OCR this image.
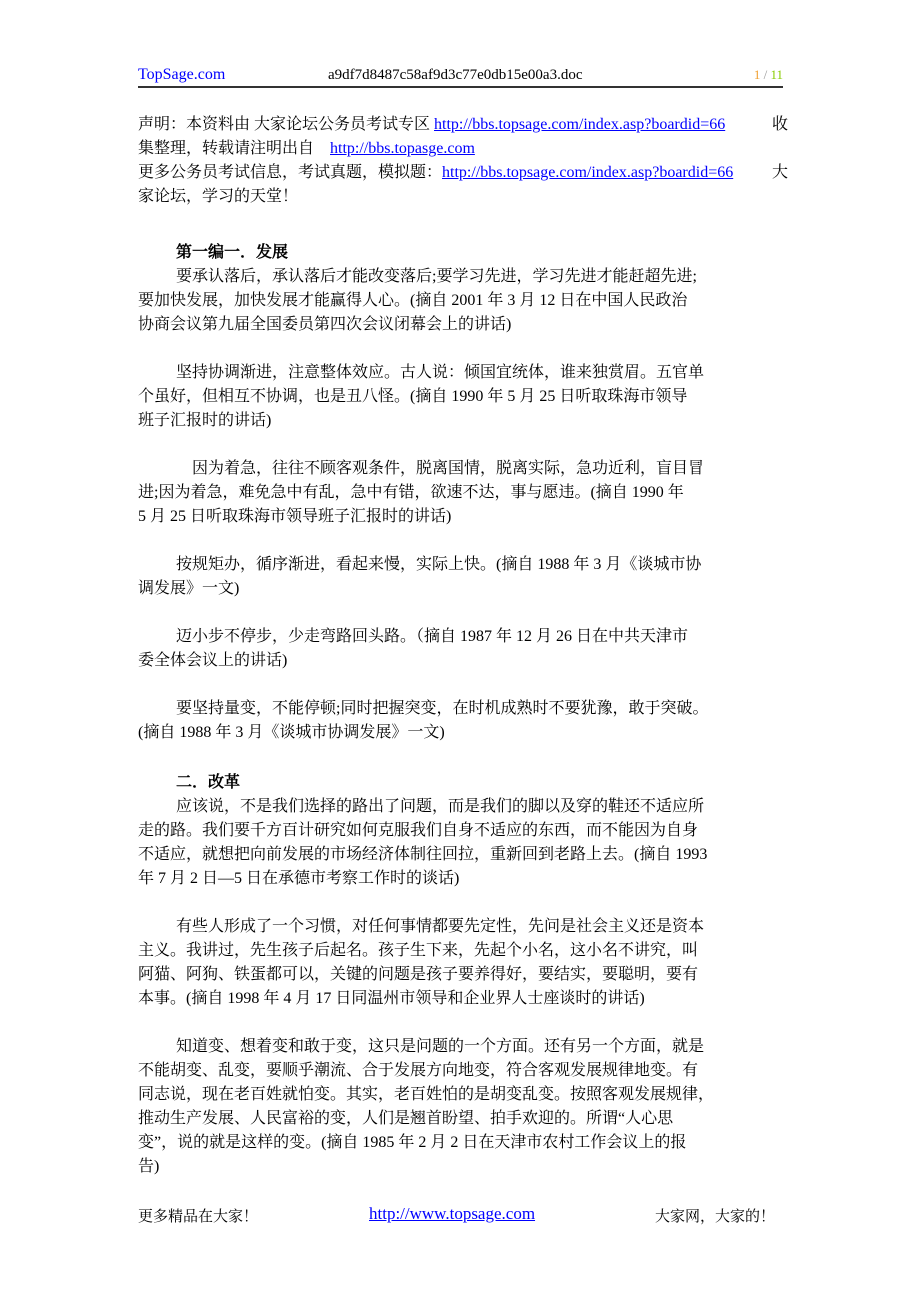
TopSage.com	a9df7d8487c58af9d3c77e0db15e00a3.doc	1 / 11
声明：本资料由 大家论坛公务员考试专区 http://bbs.topsage.com/index.asp?boardid=66	收
集整理，转载请注明出自　http://bbs.topasge.com
更多公务员考试信息，考试真题，模拟题：http://bbs.topsage.com/index.asp?boardid=66 大
家论坛，学习的天堂！
第一编一．发展
要承认落后，承认落后才能改变落后;要学习先进，学习先进才能赶超先进;
要加快发展，加快发展才能赢得人心。(摘自 2001 年 3 月 12 日在中国人民政治
协商会议第九届全国委员第四次会议闭幕会上的讲话)
坚持协调渐进，注意整体效应。古人说：倾国宜统体，谁来独赏眉。五官单
个虽好，但相互不协调，也是丑八怪。(摘自 1990 年 5 月 25 日听取珠海市领导
班子汇报时的讲话)
　因为着急，往往不顾客观条件，脱离国情，脱离实际，急功近利，盲目冒
进;因为着急，难免急中有乱，急中有错，欲速不达，事与愿违。(摘自 1990 年
5 月 25 日听取珠海市领导班子汇报时的讲话)
按规矩办，循序渐进，看起来慢，实际上快。(摘自 1988 年 3 月《谈城市协
调发展》一文)
迈小步不停步，少走弯路回头路。（摘自 1987 年 12 月 26 日在中共天津市
委全体会议上的讲话)
要坚持量变，不能停顿;同时把握突变，在时机成熟时不要犹豫，敢于突破。
(摘自 1988 年 3 月《谈城市协调发展》一文)
二．改革
应该说，不是我们选择的路出了问题，而是我们的脚以及穿的鞋还不适应所
走的路。我们要千方百计研究如何克服我们自身不适应的东西，而不能因为自身
不适应，就想把向前发展的市场经济体制往回拉，重新回到老路上去。(摘自 1993
年 7 月 2 日—5 日在承德市考察工作时的谈话)
有些人形成了一个习惯，对任何事情都要先定性，先问是社会主义还是资本
主义。我讲过，先生孩子后起名。孩子生下来，先起个小名，这小名不讲究，叫
阿猫、阿狗、铁蛋都可以，关键的问题是孩子要养得好，要结实，要聪明，要有
本事。(摘自 1998 年 4 月 17 日同温州市领导和企业界人士座谈时的讲话)
知道变、想着变和敢于变，这只是问题的一个方面。还有另一个方面，就是
不能胡变、乱变，要顺乎潮流、合于发展方向地变，符合客观发展规律地变。有
同志说，现在老百姓就怕变。其实，老百姓怕的是胡变乱变。按照客观发展规律，
推动生产发展、人民富裕的变，人们是翘首盼望、拍手欢迎的。所谓“人心思
变”，说的就是这样的变。(摘自 1985 年 2 月 2 日在天津市农村工作会议上的报
告)
更多精品在大家！	http://www.topsage.com	大家网，大家的！
